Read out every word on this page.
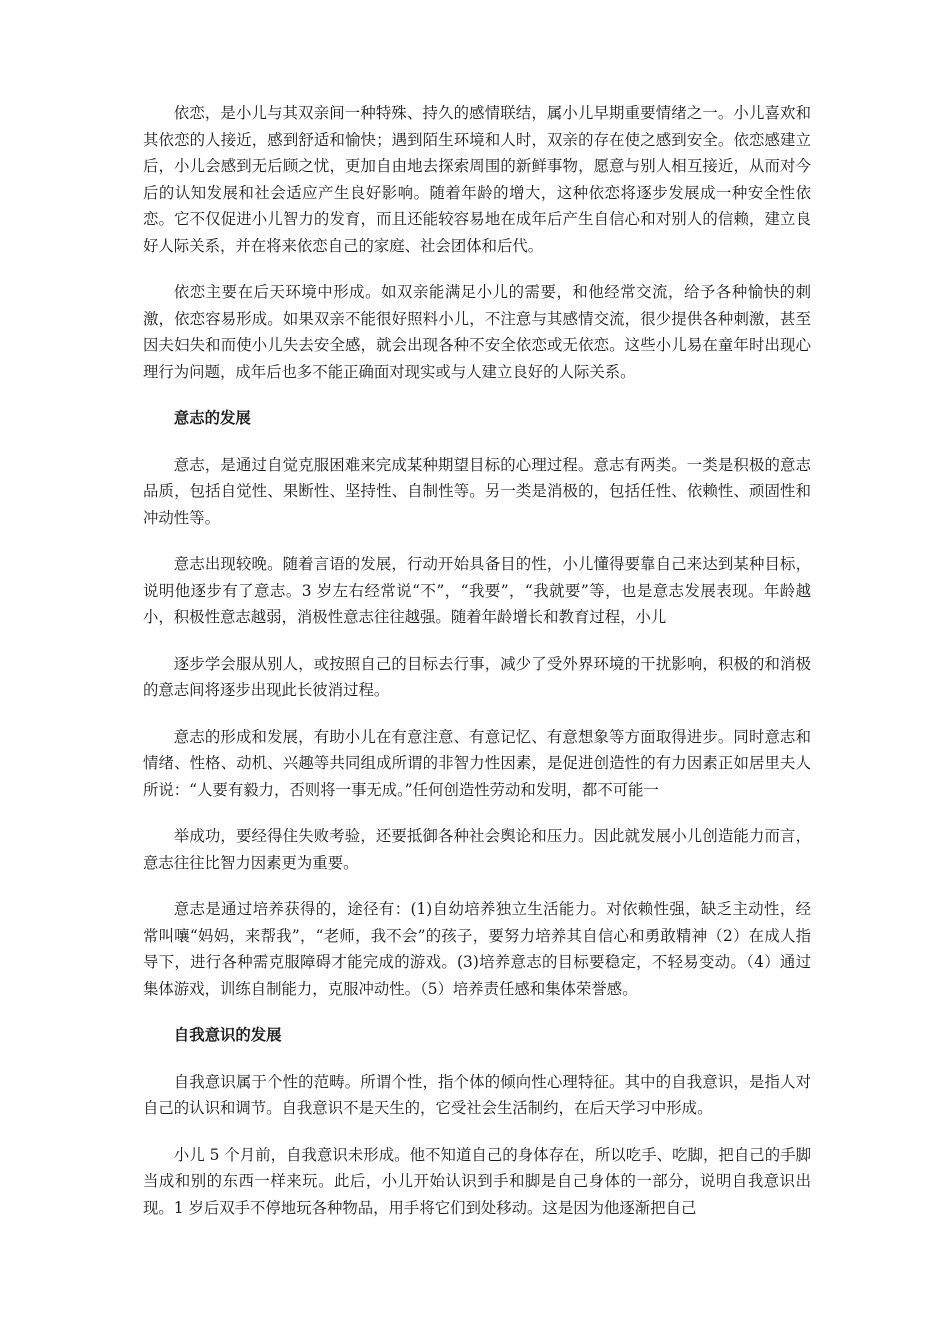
依恋，是小儿与其双亲间一种特殊、持久的感情联结，属小儿早期重要情绪之一。小儿喜欢和其依恋的人接近，感到舒适和愉快；遇到陌生环境和人时，双亲的存在使之感到安全。依恋感建立后，小儿会感到无后顾之忧，更加自由地去探索周围的新鲜事物，愿意与别人相互接近，从而对今后的认知发展和社会适应产生良好影响。随着年龄的增大，这种依恋将逐步发展成一种安全性依恋。它不仅促进小儿智力的发育，而且还能较容易地在成年后产生自信心和对别人的信赖，建立良好人际关系，并在将来依恋自己的家庭、社会团体和后代。

依恋主要在后天环境中形成。如双亲能满足小儿的需要，和他经常交流，给予各种愉快的刺激，依恋容易形成。如果双亲不能很好照料小儿，不注意与其感情交流，很少提供各种刺激，甚至因夫妇失和而使小儿失去安全感，就会出现各种不安全依恋或无依恋。这些小儿易在童年时出现心理行为问题，成年后也多不能正确面对现实或与人建立良好的人际关系。

意志的发展

意志，是通过自觉克服困难来完成某种期望目标的心理过程。意志有两类。一类是积极的意志品质，包括自觉性、果断性、坚持性、自制性等。另一类是消极的，包括任性、依赖性、顽固性和冲动性等。

意志出现较晚。随着言语的发展，行动开始具备目的性，小儿懂得要靠自己来达到某种目标，说明他逐步有了意志。3 岁左右经常说“不”，“我要”，“我就要”等，也是意志发展表现。年龄越小，积极性意志越弱，消极性意志往往越强。随着年龄增长和教育过程，小儿

逐步学会服从别人，或按照自己的目标去行事，减少了受外界环境的干扰影响，积极的和消极的意志间将逐步出现此长彼消过程。

意志的形成和发展，有助小儿在有意注意、有意记忆、有意想象等方面取得进步。同时意志和情绪、性格、动机、兴趣等共同组成所谓的非智力性因素，是促进创造性的有力因素正如居里夫人所说：“人要有毅力，否则将一事无成。”任何创造性劳动和发明，都不可能一

举成功，要经得住失败考验，还要抵御各种社会舆论和压力。因此就发展小儿创造能力而言，意志往往比智力因素更为重要。

意志是通过培养获得的，途径有：(1)自幼培养独立生活能力。对依赖性强，缺乏主动性，经常叫嚷“妈妈，来帮我”，“老师，我不会”的孩子，要努力培养其自信心和勇敢精神（2）在成人指导下，进行各种需克服障碍才能完成的游戏。(3)培养意志的目标要稳定，不轻易变动。（4）通过集体游戏，训练自制能力，克服冲动性。（5）培养责任感和集体荣誉感。

自我意识的发展

自我意识属于个性的范畴。所谓个性，指个体的倾向性心理特征。其中的自我意识，是指人对自己的认识和调节。自我意识不是天生的，它受社会生活制约，在后天学习中形成。

小儿 5 个月前，自我意识未形成。他不知道自己的身体存在，所以吃手、吃脚，把自己的手脚当成和别的东西一样来玩。此后，小儿开始认识到手和脚是自己身体的一部分，说明自我意识出现。1 岁后双手不停地玩各种物品，用手将它们到处移动。这是因为他逐渐把自己
